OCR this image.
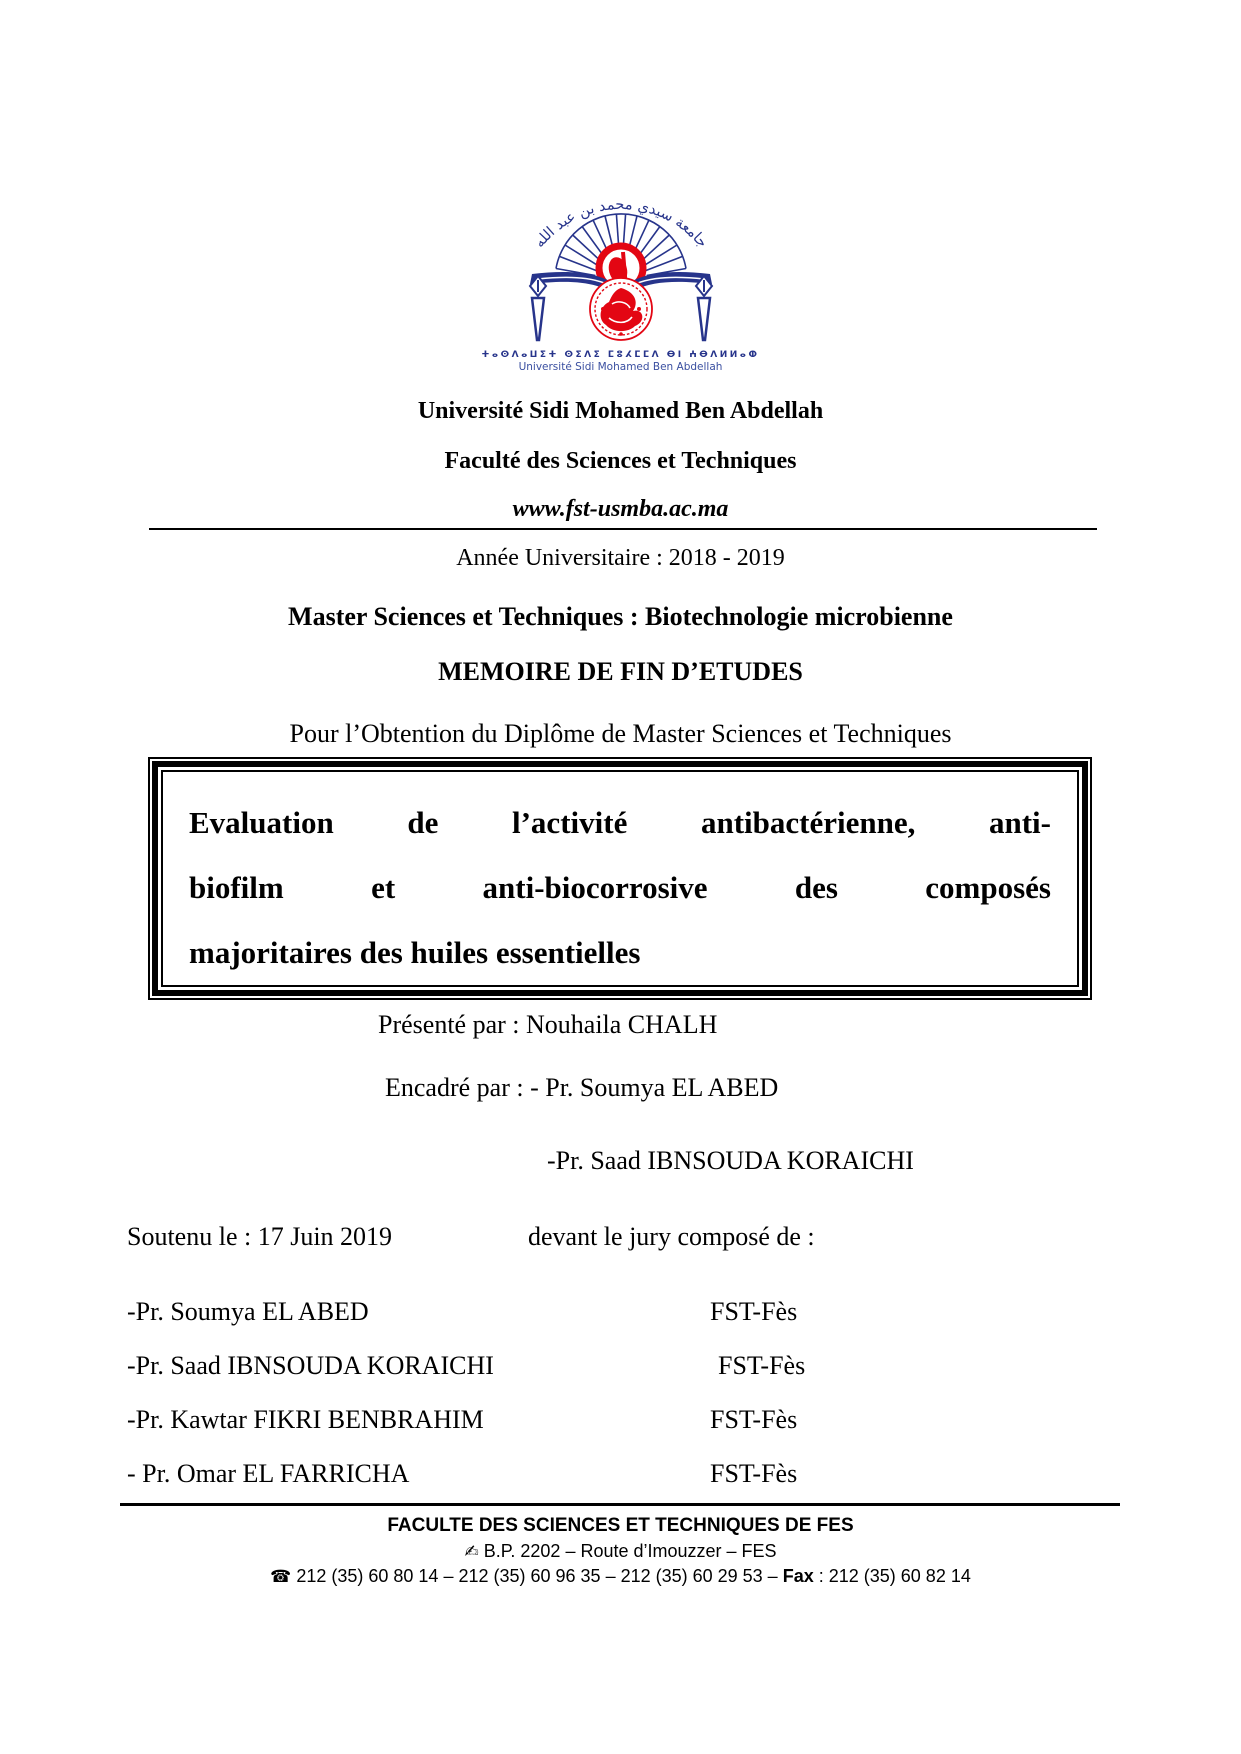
جامعة سيدي محمد بن عبد الله
ⵜⴰⵙⴷⴰⵡⵉⵜ ⵙⵉⴷⵉ ⵎⵓⵃⵎⵎⴷ ⴱⵏ ⵄⴱⴷⵍⵍⴰⵀ
Université Sidi Mohamed Ben Abdellah
Université Sidi Mohamed Ben Abdellah
Faculté des Sciences et Techniques
www.fst-usmba.ac.ma
Année Universitaire : 2018 - 2019
Master Sciences et Techniques : Biotechnologie microbienne
MEMOIRE DE FIN D’ETUDES
Pour l’Obtention du Diplôme de Master Sciences et Techniques
Evaluation de l’activité antibactérienne, anti-
biofilm et anti-biocorrosive des composés
majoritaires des huiles essentielles
Présenté par : Nouhaila CHALH
Encadré par : - Pr. Soumya EL ABED
-Pr. Saad IBNSOUDA KORAICHI
Soutenu le : 17 Juin 2019	devant le jury composé de :
-Pr. Soumya EL ABED	FST-Fès
-Pr. Saad IBNSOUDA KORAICHI	FST-Fès
-Pr. Kawtar FIKRI BENBRAHIM	FST-Fès
- Pr. Omar EL FARRICHA	FST-Fès
FACULTE DES SCIENCES ET TECHNIQUES DE FES
✍ B.P. 2202 – Route d’Imouzzer – FES
☎ 212 (35) 60 80 14 – 212 (35) 60 96 35 – 212 (35) 60 29 53 – Fax : 212 (35) 60 82 14
